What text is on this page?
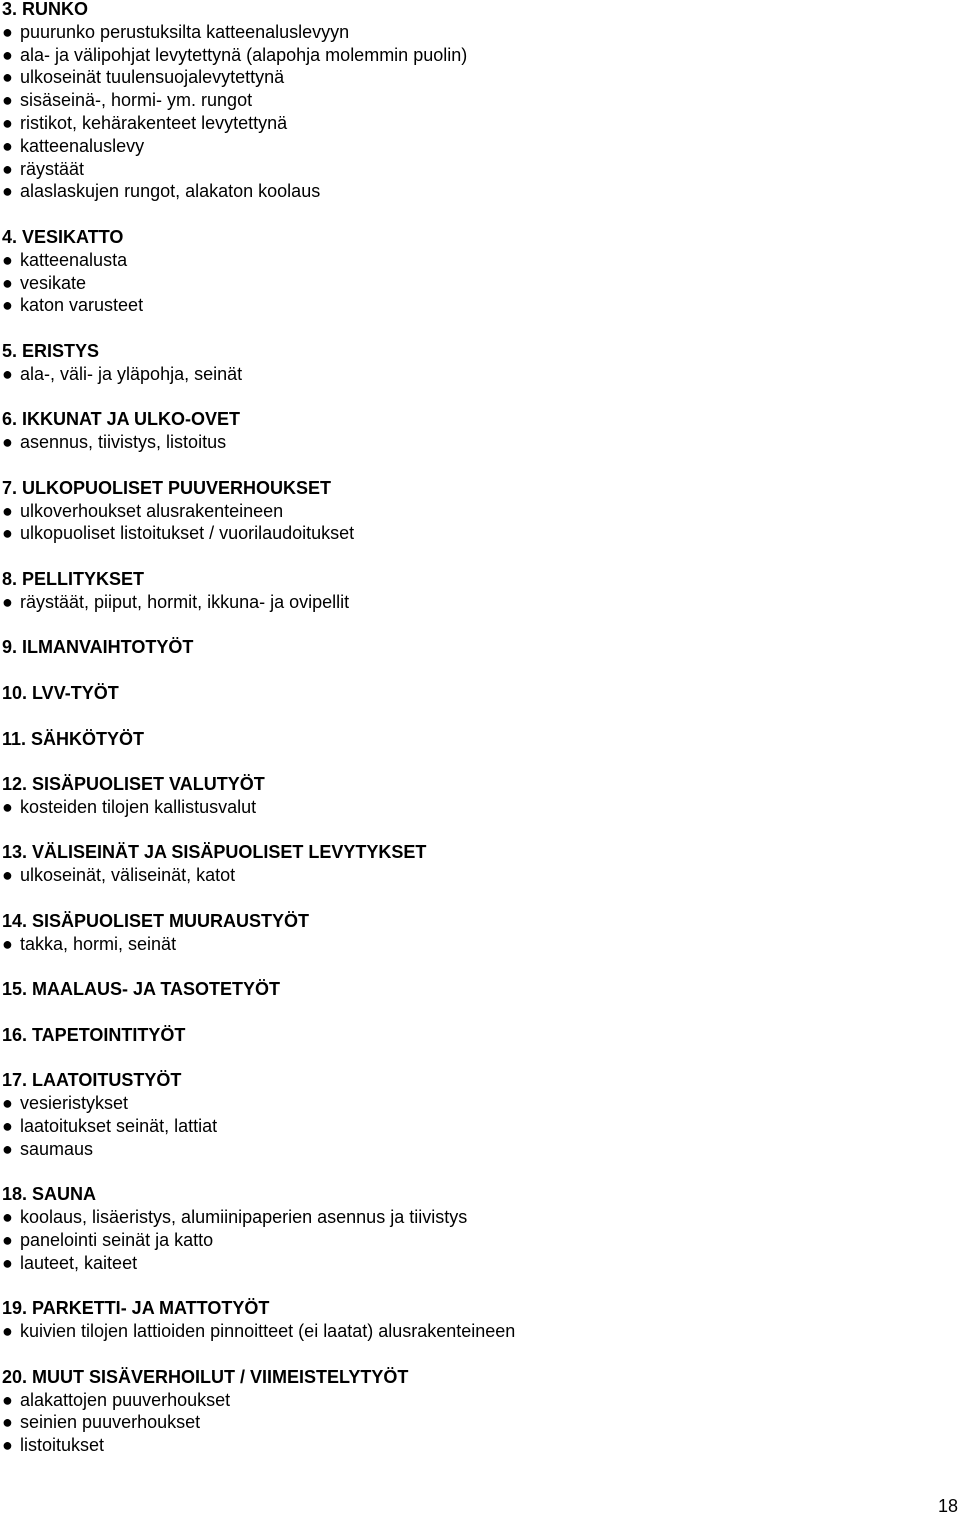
3. RUNKO
● puurunko perustuksilta katteenaluslevyyn
● ala- ja välipohjat levytettynä (alapohja molemmin puolin)
● ulkoseinät tuulensuojalevytettynä
● sisäseinä-, hormi- ym. rungot
● ristikot, kehärakenteet levytettynä
● katteenaluslevy
● räystäät
● alaslaskujen rungot, alakaton koolaus
4. VESIKATTO
● katteenalusta
● vesikate
● katon varusteet
5. ERISTYS
● ala-, väli- ja yläpohja, seinät
6. IKKUNAT JA ULKO-OVET
● asennus, tiivistys, listoitus
7. ULKOPUOLISET PUUVERHOUKSET
● ulkoverhoukset alusrakenteineen
● ulkopuoliset listoitukset / vuorilaudoitukset
8. PELLITYKSET
● räystäät, piiput, hormit, ikkuna- ja ovipellit
9. ILMANVAIHTOTYÖT
10. LVV-TYÖT
11. SÄHKÖTYÖT
12. SISÄPUOLISET VALUTYÖT
● kosteiden tilojen kallistusvalut
13. VÄLISEINÄT JA SISÄPUOLISET LEVYTYKSET
● ulkoseinät, väliseinät, katot
14. SISÄPUOLISET MUURAUSTYÖT
● takka, hormi, seinät
15. MAALAUS- JA TASOTETYÖT
16. TAPETOINTITYÖT
17. LAATOITUSTYÖT
● vesieristykset
● laatoitukset seinät, lattiat
● saumaus
18. SAUNA
● koolaus, lisäeristys, alumiinipaperien asennus ja tiivistys
● panelointi seinät ja katto
● lauteet, kaiteet
19. PARKETTI- JA MATTOTYÖT
● kuivien tilojen lattioiden pinnoitteet (ei laatat) alusrakenteineen
20. MUUT SISÄVERHOILUT / VIIMEISTELYTYÖT
● alakattojen puuverhoukset
● seinien puuverhoukset
● listoitukset
18
